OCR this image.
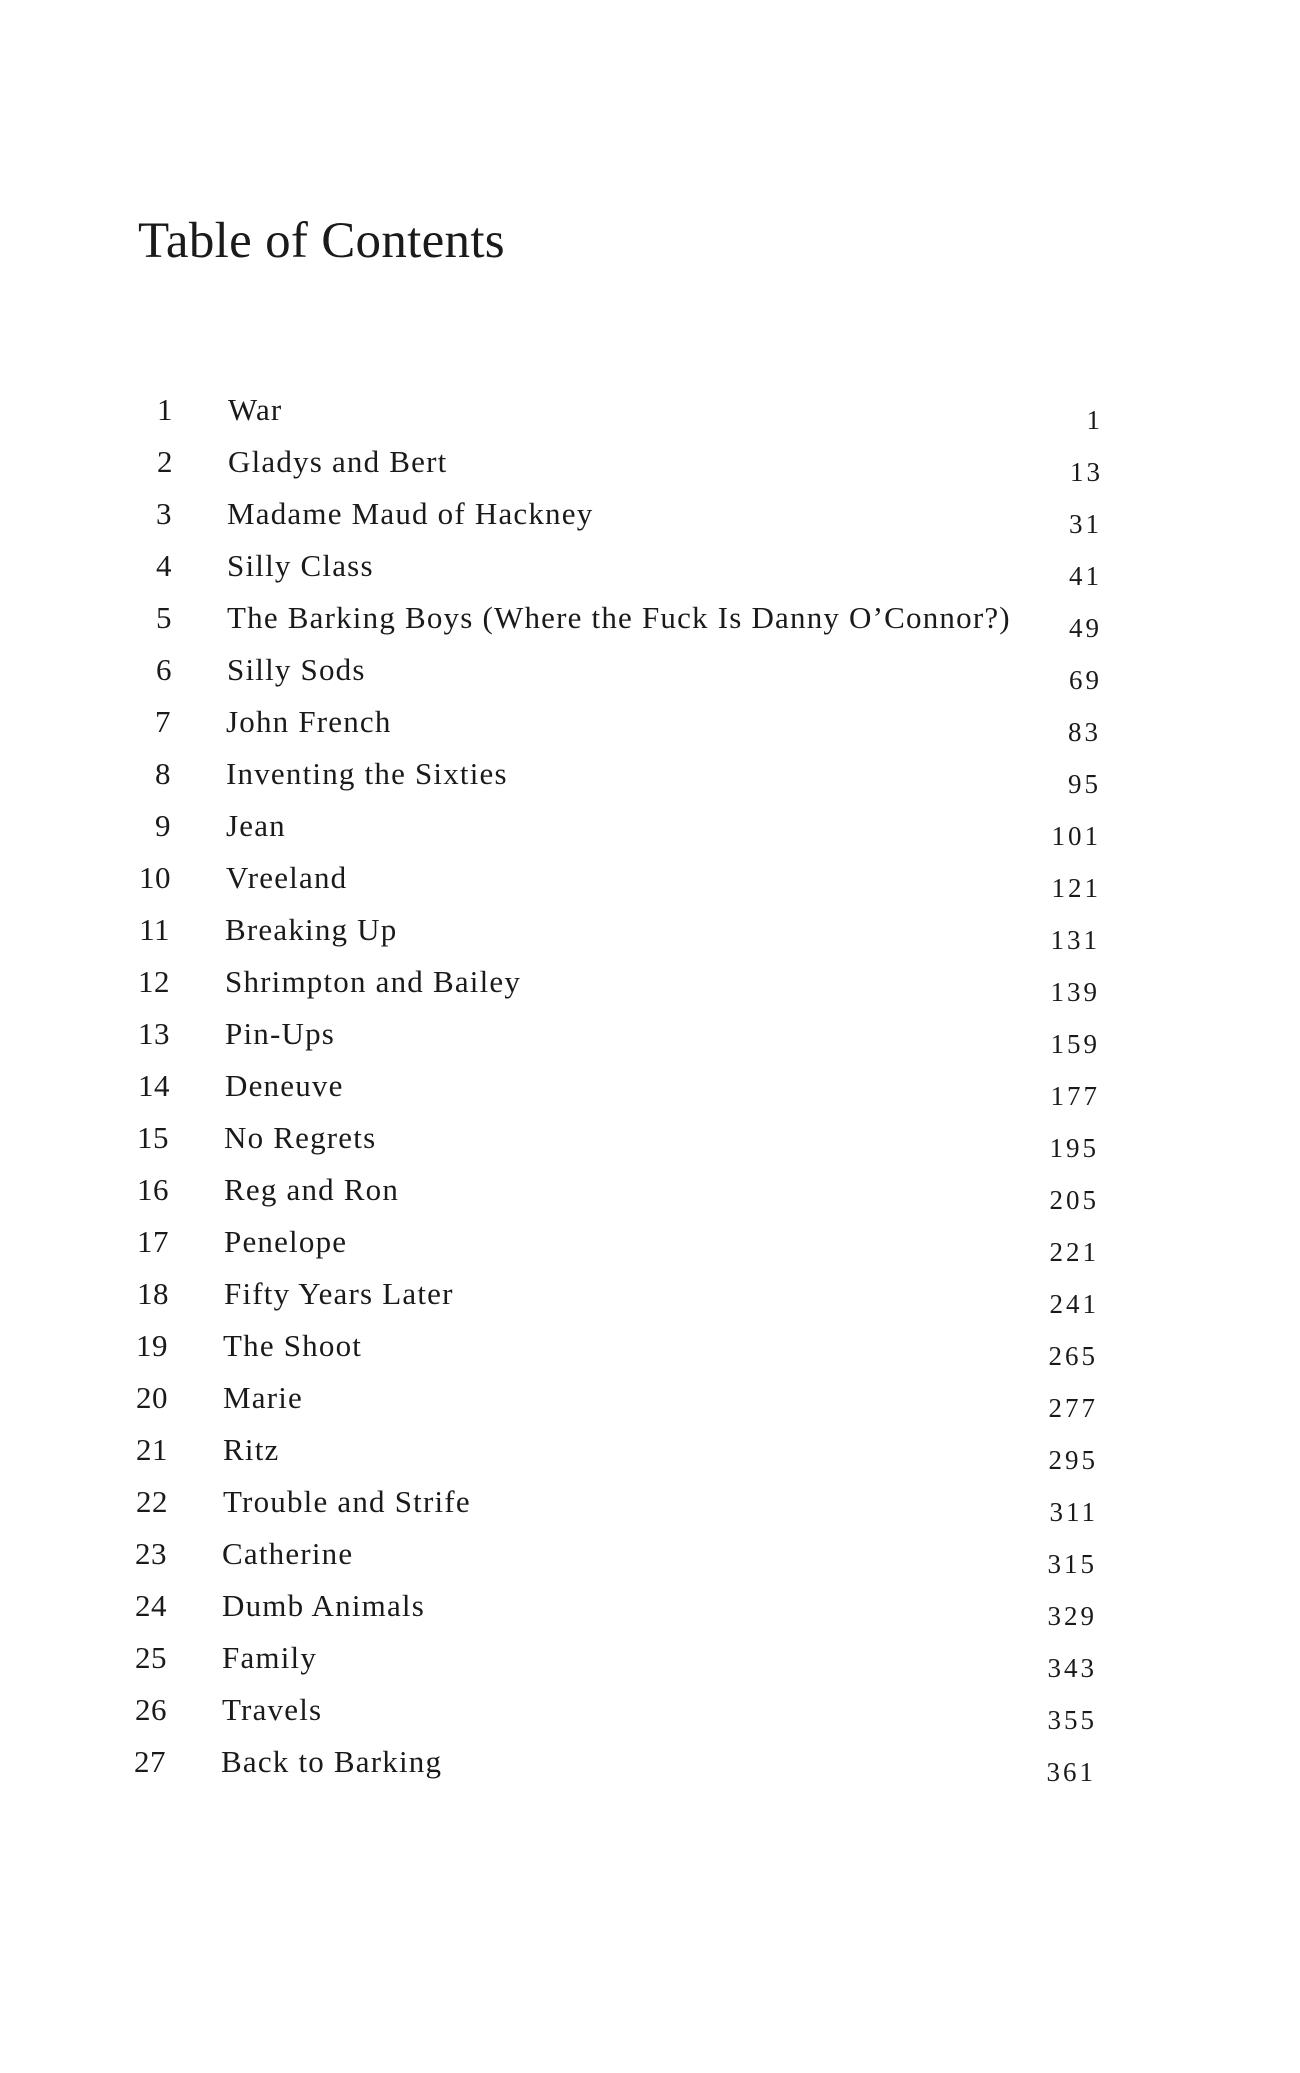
Table of Contents
1 War	1
2 Gladys and Bert	13
3 Madame Maud of Hackney	31
4 Silly Class	41
5 The Barking Boys (Where the Fuck Is Danny O’Connor?) 49
6 Silly Sods	69
7 John French	83
8 Inventing the Sixties	95
9 Jean	101
10 Vreeland	121
11 Breaking Up	131
12 Shrimpton and Bailey	139
13 Pin-Ups	159
14 Deneuve	177
15 No Regrets	195
16 Reg and Ron	205
17 Penelope	221
18 Fifty Years Later	241
19 The Shoot	265
20 Marie	277
21 Ritz	295
22 Trouble and Strife	311
23 Catherine	315
24 Dumb Animals	329
25 Family	343
26 Travels	355
27 Back to Barking	361
